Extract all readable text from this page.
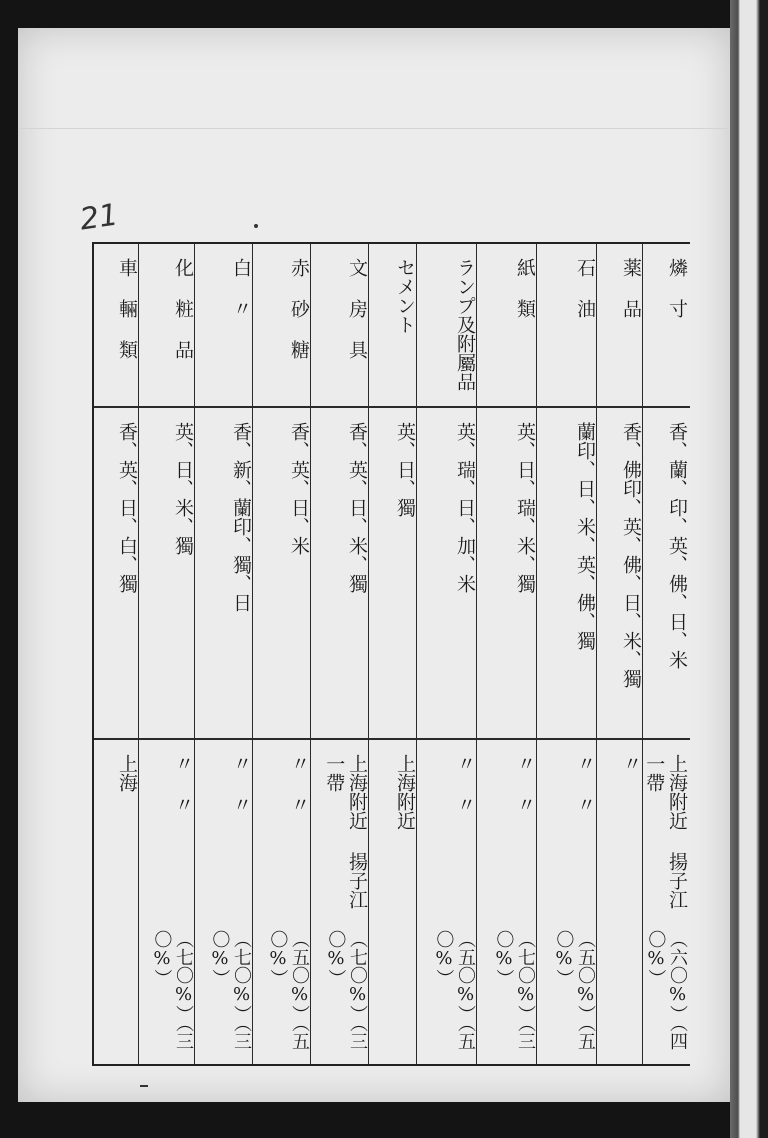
21
車 輛 類
香、英、日、白、獨
上海
化 粧 品
英、日、米、獨
〃 〃
（七〇%）（三〇%）
白 〃
香、新、蘭印、獨、日
〃 〃
（七〇%）（三〇%）
赤 砂 糖
香、英、日、米
〃 〃
（五〇%）（五〇%）
文 房 具
香、英、日、米、獨
上海附近 揚子江一帶
（七〇%）（三〇%）
セメント
英、日、獨
上海附近
ランプ及附屬品
英、瑞、日、加、米
〃 〃
（五〇%）（五〇%）
紙 類
英、日、瑞、米、獨
〃 〃
（七〇%）（三〇%）
石 油
蘭印、日、米、英、佛、獨
〃 〃
（五〇%）（五〇%）
薬 品
香、佛印、英、佛、日、米、獨
〃
燐 寸
香、蘭、印、英、佛、日、米
上海附近 揚子江一帶
（六〇%）（四〇%）
